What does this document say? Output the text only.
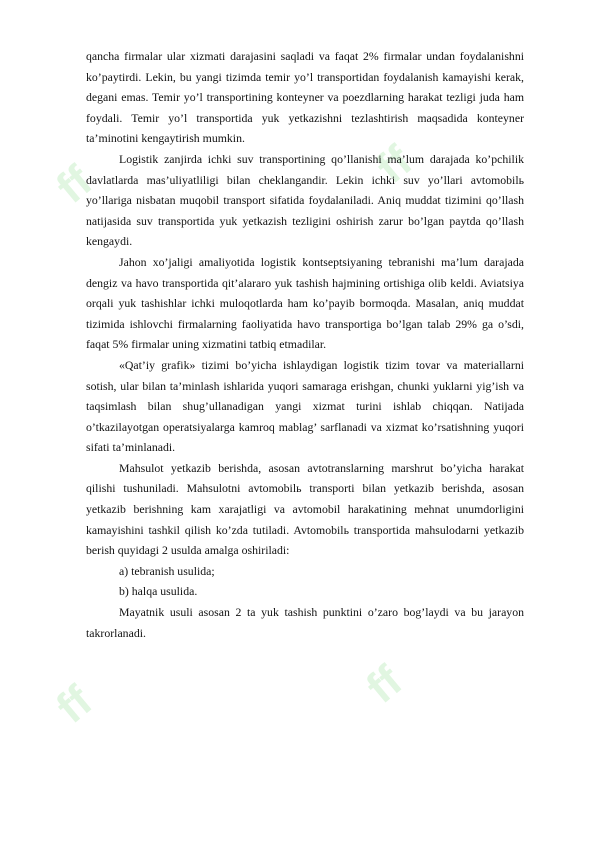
ff	ff
ff	ff

qancha firmalar ular xizmati darajasini saqladi va faqat 2% firmalar undan foydalanishni ko’paytirdi. Lekin, bu yangi tizimda temir yo’l transportidan foydalanish kamayishi kerak, degani emas. Temir yo’l transportining konteyner va poezdlarning harakat tezligi juda ham foydali. Temir yo’l transportida yuk yetkazishni tezlashtirish maqsadida konteyner ta’minotini kengaytirish mumkin.

Logistik zanjirda ichki suv transportining qo’llanishi ma’lum darajada ko’pchilik davlatlarda mas’uliyatliligi bilan cheklangandir. Lekin ichki suv yo’llari avtomobilь yo’llariga nisbatan muqobil transport sifatida foydalaniladi. Aniq muddat tizimini qo’llash natijasida suv transportida yuk yetkazish tezligini oshirish zarur bo’lgan paytda qo’llash kengaydi.

Jahon xo’jaligi amaliyotida logistik kontseptsiyaning tebranishi ma’lum darajada dengiz va havo transportida qit’alararo yuk tashish hajmining ortishiga olib keldi. Aviatsiya orqali yuk tashishlar ichki muloqotlarda ham ko’payib bormoqda. Masalan, aniq muddat tizimida ishlovchi firmalarning faoliyatida havo transportiga bo’lgan talab 29% ga o’sdi, faqat 5% firmalar uning xizmatini tatbiq etmadilar.

«Qat’iy grafik» tizimi bo’yicha ishlaydigan logistik tizim tovar va materiallarni sotish, ular bilan ta’minlash ishlarida yuqori samaraga erishgan, chunki yuklarni yig’ish va taqsimlash bilan shug’ullanadigan yangi xizmat turini ishlab chiqqan. Natijada o’tkazilayotgan operatsiyalarga kamroq mablag’ sarflanadi va xizmat ko’rsatishning yuqori sifati ta’minlanadi.

Mahsulot yetkazib berishda, asosan avtotranslarning marshrut bo’yicha harakat qilishi tushuniladi. Mahsulotni avtomobilь transporti bilan yetkazib berishda, asosan yetkazib berishning kam xarajatligi va avtomobil harakatining mehnat unumdorligini kamayishini tashkil qilish ko’zda tutiladi. Avtomobilь transportida mahsulodarni yetkazib berish quyidagi 2 usulda amalga oshiriladi:

a) tebranish usulida;

b) halqa usulida.

Mayatnik usuli asosan 2 ta yuk tashish punktini o’zaro bog’laydi va bu jarayon takrorlanadi.
